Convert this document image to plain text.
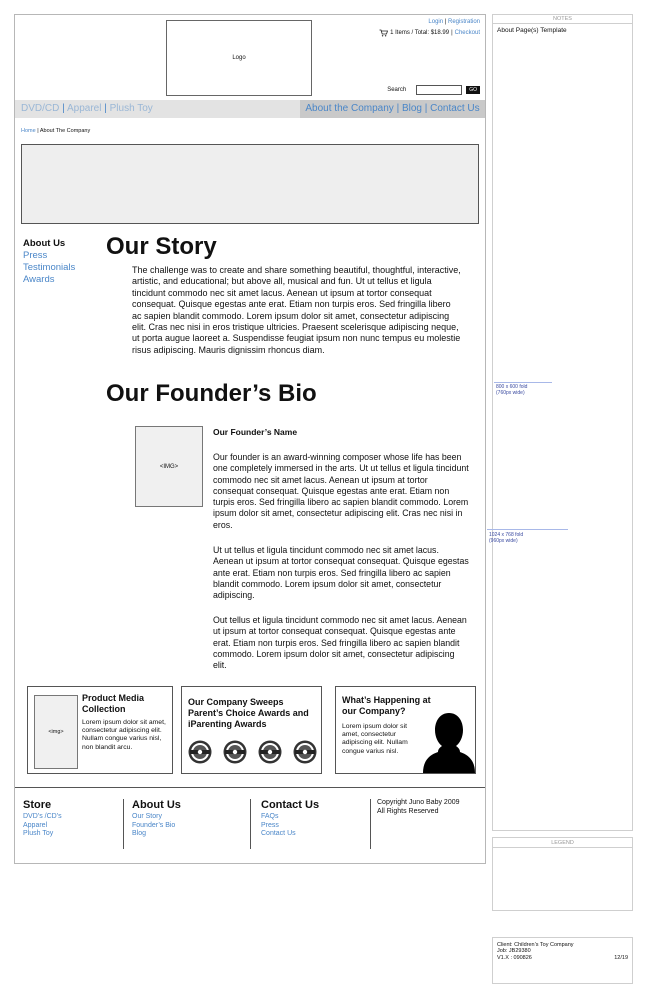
Logo
Login | Registration
1 Items / Total: $18.99 | Checkout
Search	GO
DVD/CD | Apparel | Plush Toy	About the Company | Blog | Contact Us
Home | About The Company
About Us
Press
Testimonials
Awards
Our Story

The challenge was to create and share something beautiful, thoughtful, interactive, artistic, and educational; but above all, musical and fun. Ut ut tellus et ligula tincidunt commodo nec sit amet lacus. Aenean ut ipsum at tortor consequat consequat. Quisque egestas ante erat. Etiam non turpis eros. Sed fringilla libero ac sapien blandit commodo. Lorem ipsum dolor sit amet, consectetur adipiscing elit. Cras nec nisi in eros tristique ultricies. Praesent scelerisque adipiscing neque, ut porta augue laoreet a. Suspendisse feugiat ipsum non nunc tempus eu molestie risus adipiscing. Mauris dignissim rhoncus diam.

Our Founder’s Bio
<IMG>
Our Founder’s Name

Our founder is an award-winning composer whose life has been one completely immersed in the arts. Ut ut tellus et ligula tincidunt commodo nec sit amet lacus. Aenean ut ipsum at tortor consequat consequat. Quisque egestas ante erat. Etiam non turpis eros. Sed fringilla libero ac sapien blandit commodo. Lorem ipsum dolor sit amet, consectetur adipiscing elit. Cras nec nisi in eros.

Ut ut tellus et ligula tincidunt commodo nec sit amet lacus. Aenean ut ipsum at tortor consequat consequat. Quisque egestas ante erat. Etiam non turpis eros. Sed fringilla libero ac sapien blandit commodo. Lorem ipsum dolor sit amet, consectetur adipiscing.

Out tellus et ligula tincidunt commodo nec sit amet lacus. Aenean ut ipsum at tortor consequat consequat. Quisque egestas ante erat. Etiam non turpis eros. Sed fringilla libero ac sapien blandit commodo. Lorem ipsum dolor sit amet, consectetur adipiscing elit.

<img>
Product Media Collection
Lorem ipsum dolor sit amet, consectetur adipiscing elit. Nullam congue varius nisl, non blandit arcu.
Our Company Sweeps Parent’s Choice Awards and iParenting Awards
What’s Happening at our Company?
Lorem ipsum dolor sit amet, consectetur adipiscing elit. Nullam congue varius nisl.
Store
DVD’s /CD’s
Apparel
Plush Toy
About Us
Our Story
Founder’s Bio
Blog
Contact Us
FAQs
Press
Contact Us
Copyright Juno Baby 2009
All Rights Reserved
NOTES
About Page(s) Template
800 x 600 fold
(760px wide)
1024 x 768 fold
(960px wide)
LEGEND
Client: Children’s Toy Company
Job: JB29380
V1.X : 090826	12/19
